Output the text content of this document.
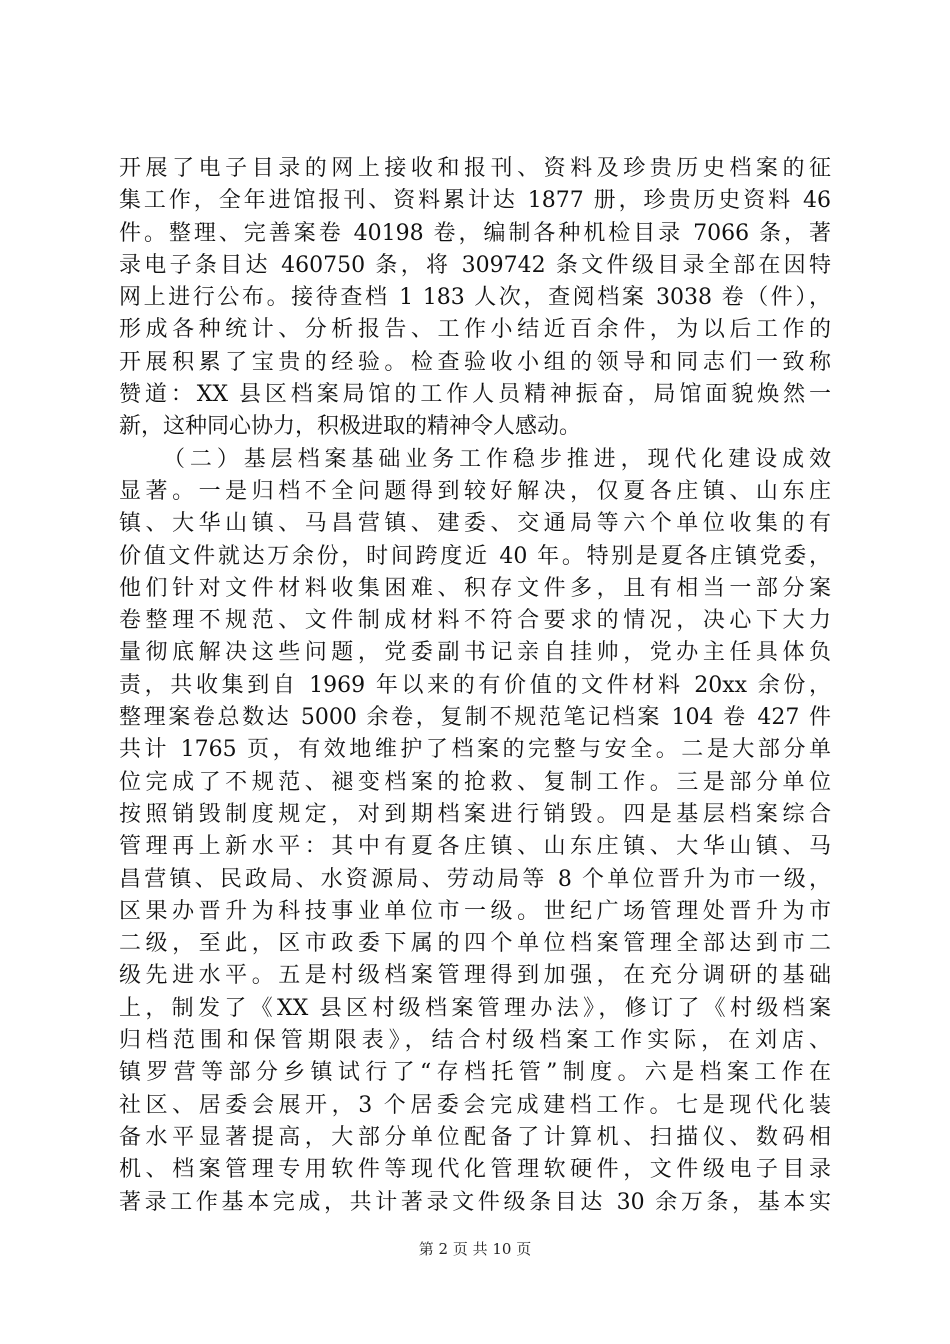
开展了电子目录的网上接收和报刊、资料及珍贵历史档案的征
集工作，全年进馆报刊、资料累计达 1877 册，珍贵历史资料 46
件。整理、完善案卷 40198 卷，编制各种机检目录 7066 条，著
录电子条目达 460750 条，将 309742 条文件级目录全部在因特
网上进行公布。接待查档 1 183 人次，查阅档案 3038 卷（件），
形成各种统计、分析报告、工作小结近百余件，为以后工作的
开展积累了宝贵的经验。检查验收小组的领导和同志们一致称
赞道：XX 县区档案局馆的工作人员精神振奋，局馆面貌焕然一
新，这种同心协力，积极进取的精神令人感动。
（二）基层档案基础业务工作稳步推进，现代化建设成效
显著。一是归档不全问题得到较好解决，仅夏各庄镇、山东庄
镇、大华山镇、马昌营镇、建委、交通局等六个单位收集的有
价值文件就达万余份，时间跨度近 40 年。特别是夏各庄镇党委，
他们针对文件材料收集困难、积存文件多，且有相当一部分案
卷整理不规范、文件制成材料不符合要求的情况，决心下大力
量彻底解决这些问题，党委副书记亲自挂帅，党办主任具体负
责，共收集到自 1969 年以来的有价值的文件材料 20xx 余份，
整理案卷总数达 5000 余卷，复制不规范笔记档案 104 卷 427 件
共计 1765 页，有效地维护了档案的完整与安全。二是大部分单
位完成了不规范、褪变档案的抢救、复制工作。三是部分单位
按照销毁制度规定，对到期档案进行销毁。四是基层档案综合
管理再上新水平：其中有夏各庄镇、山东庄镇、大华山镇、马
昌营镇、民政局、水资源局、劳动局等 8 个单位晋升为市一级，
区果办晋升为科技事业单位市一级。世纪广场管理处晋升为市
二级，至此，区市政委下属的四个单位档案管理全部达到市二
级先进水平。五是村级档案管理得到加强，在充分调研的基础
上，制发了《XX 县区村级档案管理办法》，修订了《村级档案
归档范围和保管期限表》，结合村级档案工作实际，在刘店、
镇罗营等部分乡镇试行了“存档托管”制度。六是档案工作在
社区、居委会展开，3 个居委会完成建档工作。七是现代化装
备水平显著提高，大部分单位配备了计算机、扫描仪、数码相
机、档案管理专用软件等现代化管理软硬件，文件级电子目录
著录工作基本完成，共计著录文件级条目达 30 余万条，基本实
第 2 页 共 10 页
